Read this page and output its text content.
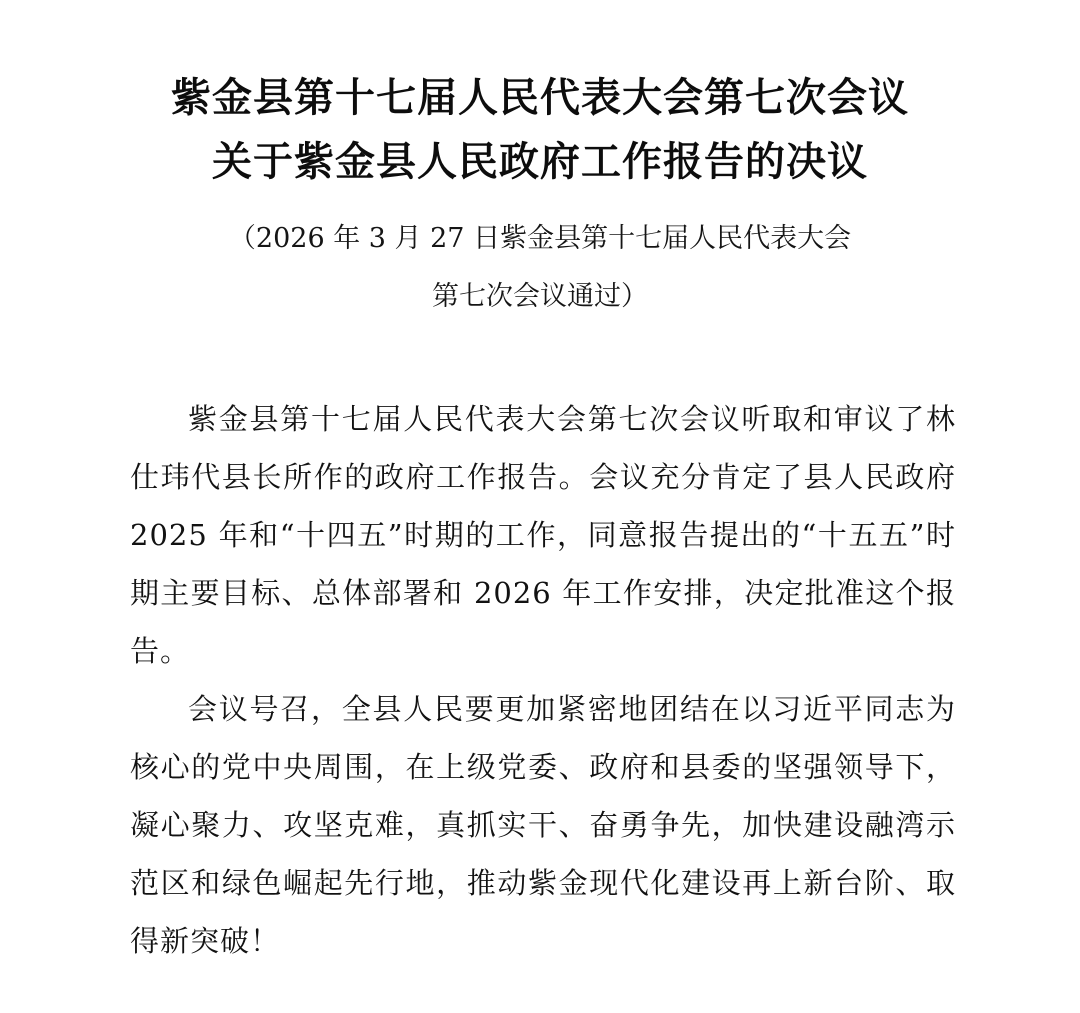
紫金县第十七届人民代表大会第七次会议
关于紫金县人民政府工作报告的决议
（2026 年 3 月 27 日紫金县第十七届人民代表大会
第七次会议通过）

紫金县第十七届人民代表大会第七次会议听取和审议了林仕玮代县长所作的政府工作报告。会议充分肯定了县人民政府 2025 年和“十四五”时期的工作，同意报告提出的“十五五”时期主要目标、总体部署和 2026 年工作安排，决定批准这个报告。

会议号召，全县人民要更加紧密地团结在以习近平同志为核心的党中央周围，在上级党委、政府和县委的坚强领导下，凝心聚力、攻坚克难，真抓实干、奋勇争先，加快建设融湾示范区和绿色崛起先行地，推动紫金现代化建设再上新台阶、取得新突破！
